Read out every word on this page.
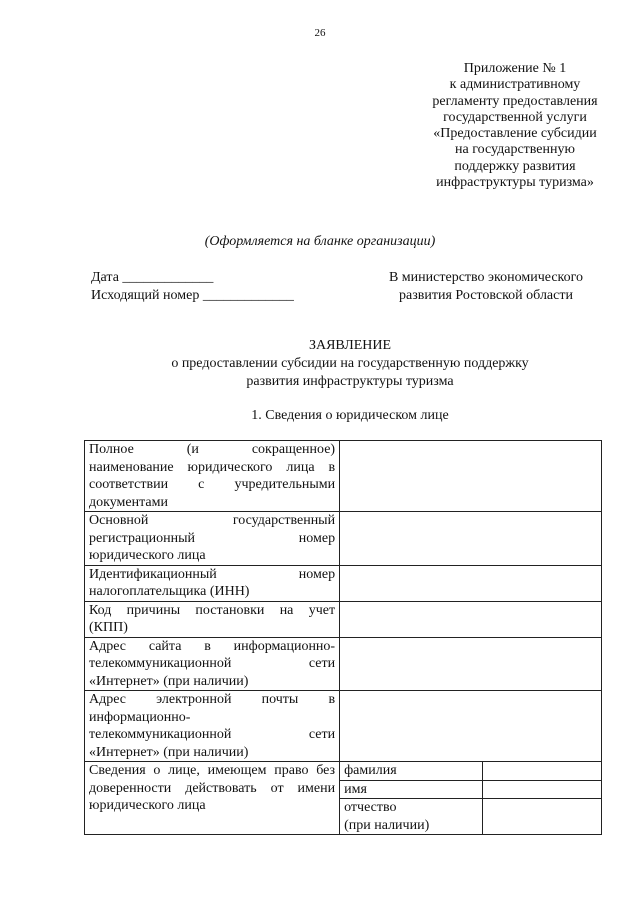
26
Приложение № 1
к административному
регламенту предоставления
государственной услуги
«Предоставление субсидии
на государственную
поддержку развития
инфраструктуры туризма»
(Оформляется на бланке организации)
Дата _____________
Исходящий номер _____________
В министерство экономического
развития Ростовской области
ЗАЯВЛЕНИЕ
о предоставлении субсидии на государственную поддержку
развития инфраструктуры туризма
1. Сведения о юридическом лице
Полное (и сокращенное)
наименование юридического лица в
соответствии с учредительными
документами		

Основной государственный
регистрационный номер
юридического лица		

Идентификационный номер
налогоплательщика (ИНН)		

Код причины постановки на учет
(КПП)		

Адрес сайта в информационно-
телекоммуникационной сети
«Интернет» (при наличии)		

Адрес электронной почты в
информационно-
телекоммуникационной сети
«Интернет» (при наличии)		

Сведения о лице, имеющем право без
доверенности действовать от имени
юридического лица	фамилия	
	имя	
	отчество
(при наличии)	
